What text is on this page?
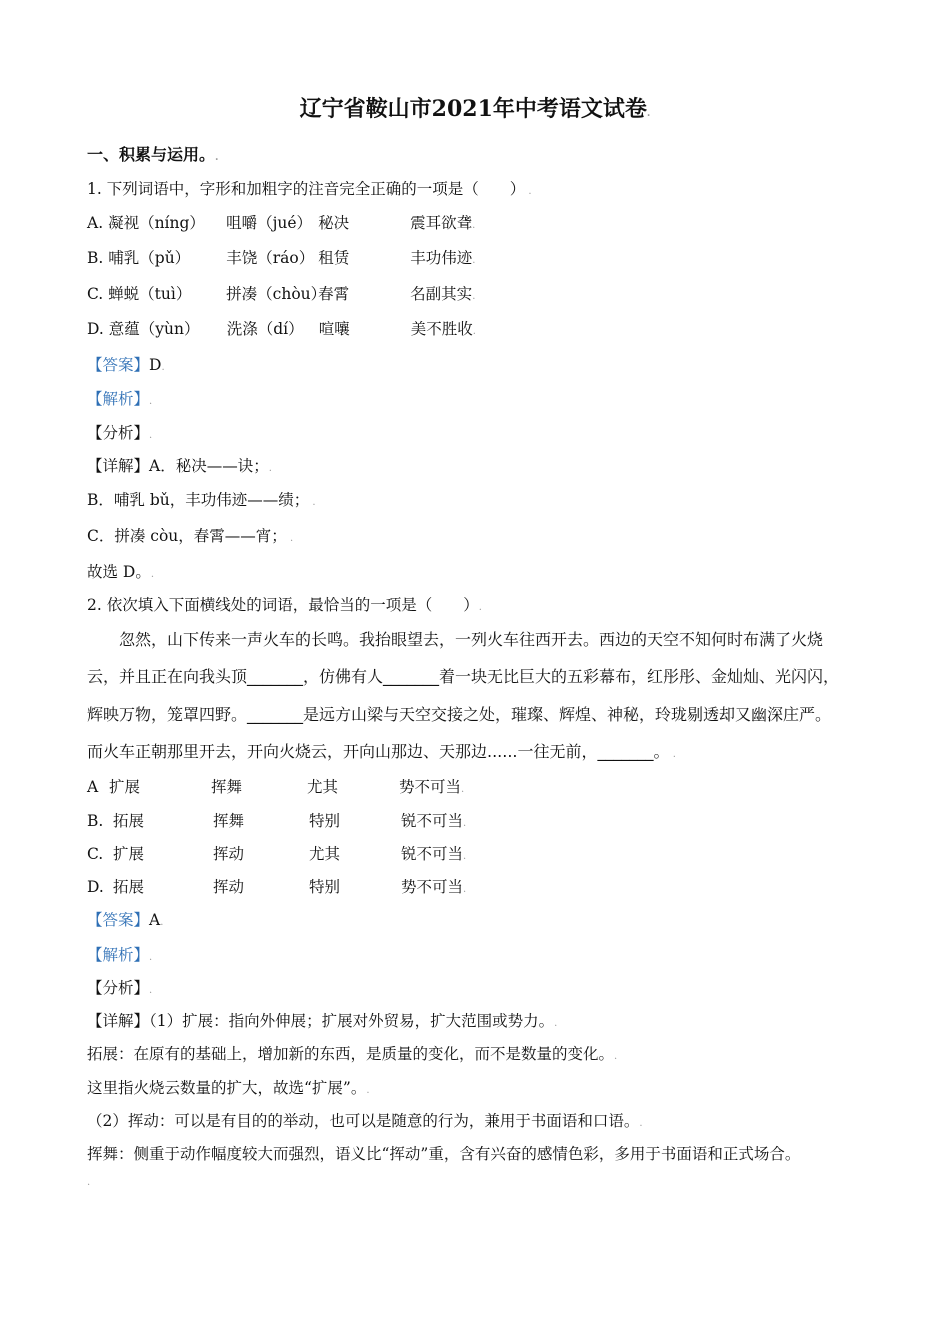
辽宁省鞍山市2021年中考语文试卷.
一、积累与运用。.
1. 下列词语中，字形和加粗字的注音完全正确的一项是（　　） .
A. 凝视（níng） 咀嚼（jué） 秘决	震耳欲聋.
B. 哺乳（pǔ） 丰饶（ráo） 租赁	丰功伟迹.
C. 蝉蜕（tuì） 拼凑（chòu）春霄	名副其实.
D. 意蕴（yùn） 洗涤（dí） 喧嚷	美不胜收.
【答案】D.
【解析】.
【分析】.
【详解】A．秘决——诀；.
B．哺乳 bǔ，丰功伟迹——绩； .
C．拼凑 còu，春霄——宵； .
故选 D。.
2. 依次填入下面横线处的词语，最恰当的一项是（　　）.
忽然，山下传来一声火车的长鸣。我抬眼望去，一列火车往西开去。西边的天空不知何时布满了火烧
云，并且正在向我头顶_______，仿佛有人_______着一块无比巨大的五彩幕布，红彤彤、金灿灿、光闪闪，
辉映万物，笼罩四野。_______是远方山梁与天空交接之处，璀璨、辉煌、神秘，玲珑剔透却又幽深庄严。
而火车正朝那里开去，开向火烧云，开向山那边、天那边......一往无前，_______。 .
A 扩展	挥舞	尤其	势不可当.
B. 拓展	挥舞	特别	锐不可当.
C. 扩展	挥动	尤其	锐不可当.
D. 拓展	挥动	特别	势不可当.
【答案】A.
【解析】.
【分析】.
【详解】（1）扩展：指向外伸展；扩展对外贸易，扩大范围或势力。.
拓展：在原有的基础上，增加新的东西，是质量的变化，而不是数量的变化。.
这里指火烧云数量的扩大，故选“扩展”。.
（2）挥动：可以是有目的的举动，也可以是随意的行为，兼用于书面语和口语。.
挥舞：侧重于动作幅度较大而强烈，语义比“挥动”重，含有兴奋的感情色彩，多用于书面语和正式场合。
.
